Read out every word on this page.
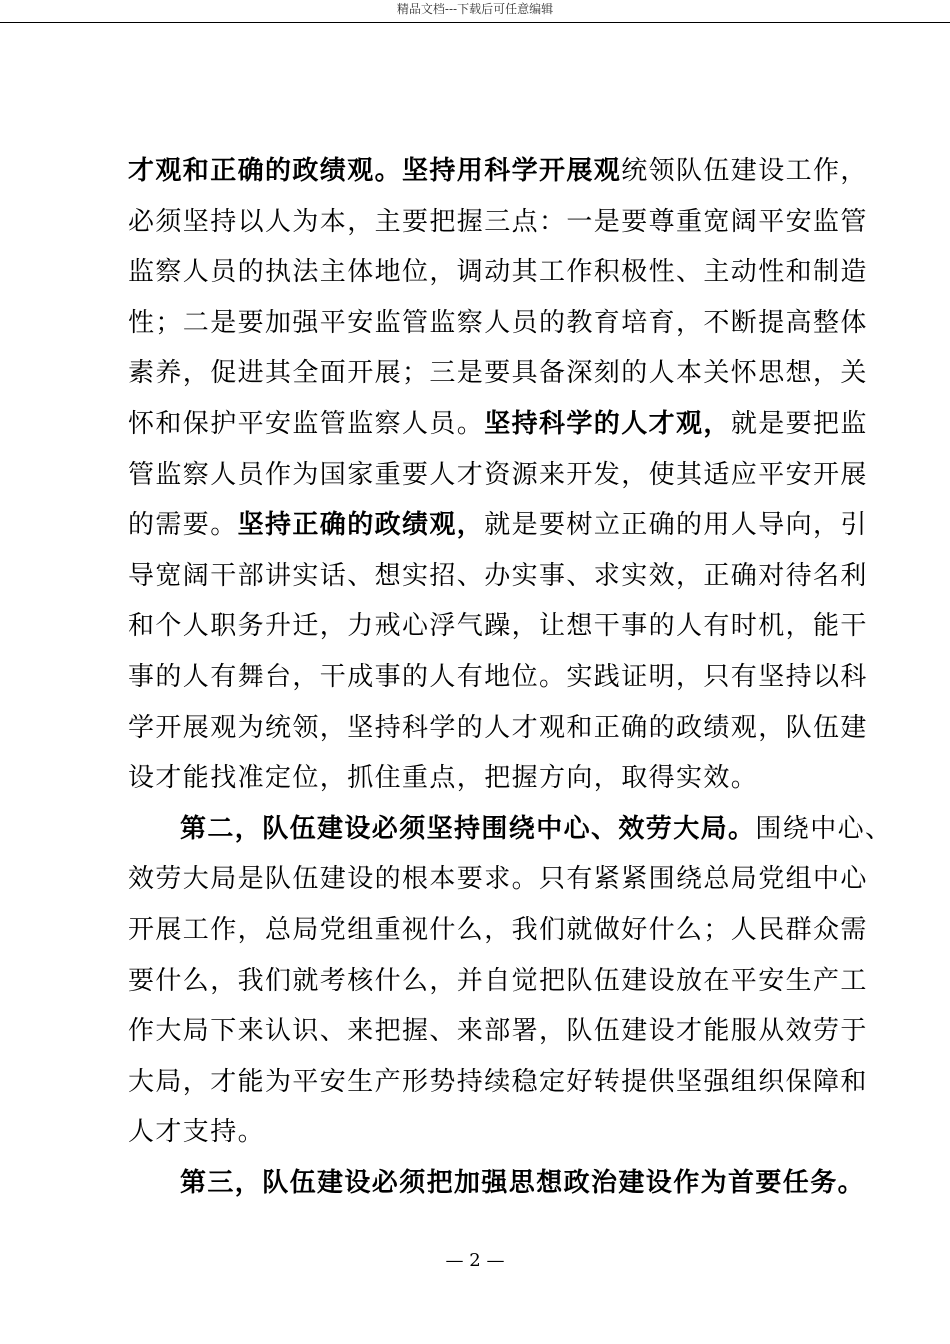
精品文档---下载后可任意编辑
才观和正确的政绩观。坚持用科学开展观统领队伍建设工作，
必须坚持以人为本，主要把握三点：一是要尊重宽阔平安监管
监察人员的执法主体地位，调动其工作积极性、主动性和制造
性；二是要加强平安监管监察人员的教育培育，不断提高整体
素养，促进其全面开展；三是要具备深刻的人本关怀思想，关
怀和保护平安监管监察人员。坚持科学的人才观，就是要把监
管监察人员作为国家重要人才资源来开发，使其适应平安开展
的需要。坚持正确的政绩观，就是要树立正确的用人导向，引
导宽阔干部讲实话、想实招、办实事、求实效，正确对待名利
和个人职务升迁，力戒心浮气躁，让想干事的人有时机，能干
事的人有舞台，干成事的人有地位。实践证明，只有坚持以科
学开展观为统领，坚持科学的人才观和正确的政绩观，队伍建
设才能找准定位，抓住重点，把握方向，取得实效。
第二，队伍建设必须坚持围绕中心、效劳大局。围绕中心、
效劳大局是队伍建设的根本要求。只有紧紧围绕总局党组中心
开展工作，总局党组重视什么，我们就做好什么；人民群众需
要什么，我们就考核什么，并自觉把队伍建设放在平安生产工
作大局下来认识、来把握、来部署，队伍建设才能服从效劳于
大局，才能为平安生产形势持续稳定好转提供坚强组织保障和
人才支持。
第三，队伍建设必须把加强思想政治建设作为首要任务。
— 2 —
